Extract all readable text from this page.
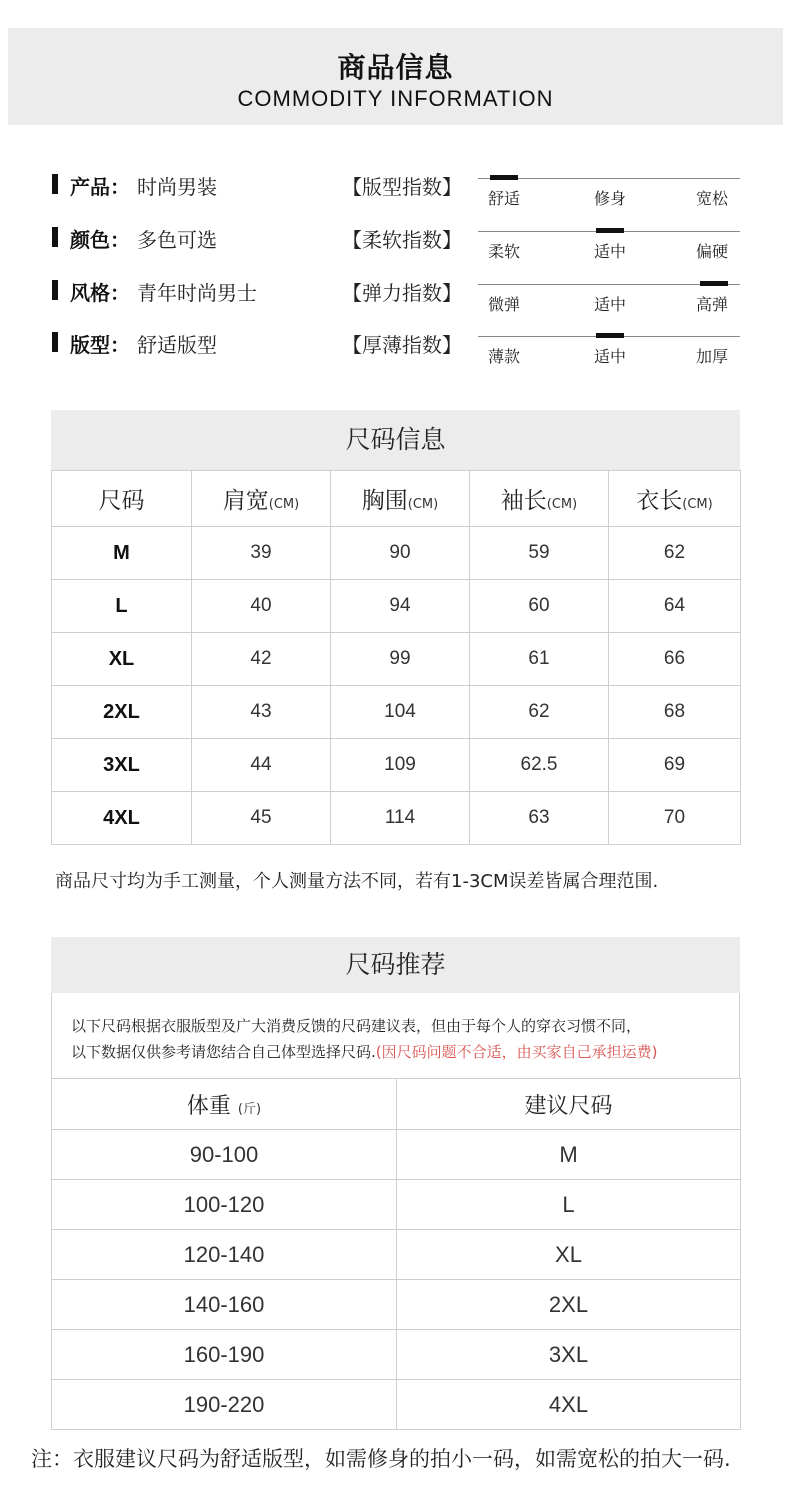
商品信息
COMMODITY INFORMATION
产品： 时尚男装
颜色： 多色可选
风格： 青年时尚男士
版型： 舒适版型
【版型指数】 舒适	修身	宽松
【柔软指数】 柔软	适中	偏硬
【弹力指数】 微弹	适中	高弹
【厚薄指数】 薄款	适中	加厚
尺码信息
尺码	肩宽(CM)	胸围(CM)	袖长(CM)	衣长(CM)
M	39	90	59	62
L	40	94	60	64
XL	42	99	61	66
2XL	43	104	62	68
3XL	44	109	62.5	69
4XL	45	114	63	70
商品尺寸均为手工测量，个人测量方法不同，若有1-3CM误差皆属合理范围.
尺码推荐
以下尺码根据衣服版型及广大消费反馈的尺码建议表，但由于每个人的穿衣习惯不同，
以下数据仅供参考请您结合自己体型选择尺码.(因尺码问题不合适，由买家自己承担运费)
体重 (斤)	建议尺码
90-100	M
100-120	L
120-140	XL
140-160	2XL
160-190	3XL
190-220	4XL
注：衣服建议尺码为舒适版型，如需修身的拍小一码，如需宽松的拍大一码.
